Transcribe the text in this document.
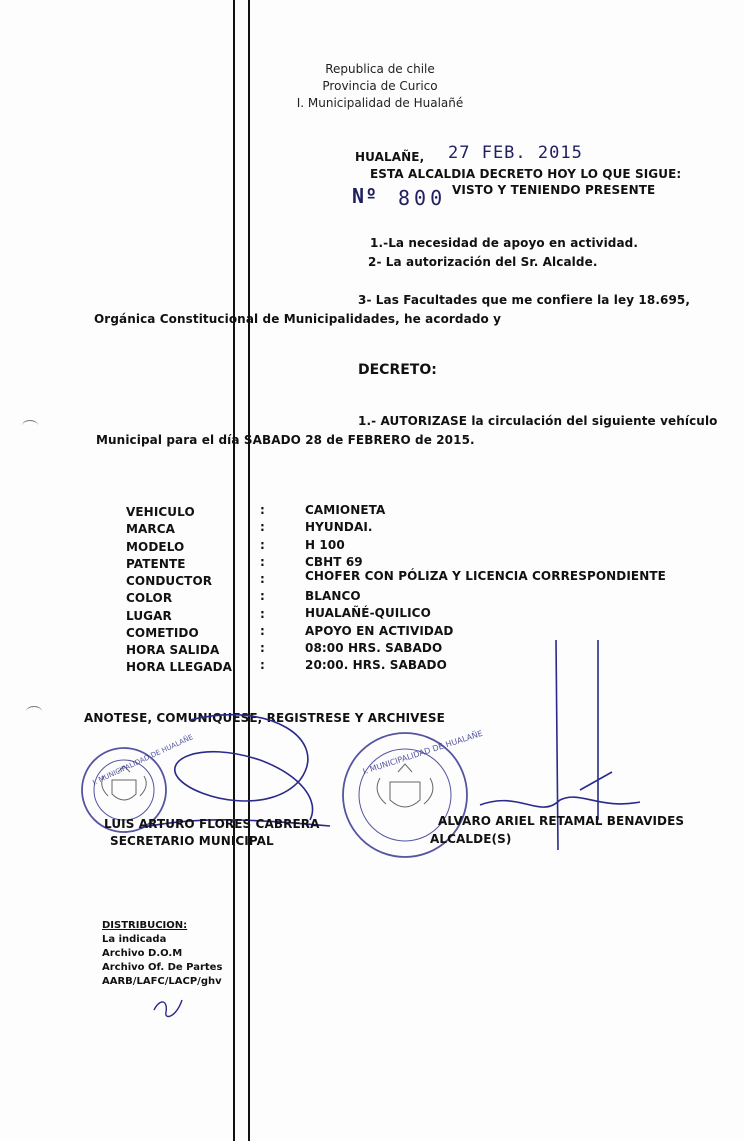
Republica de chile
Provincia de Curico
I. Municipalidad de Hualañé
HUALAÑE, 27 FEB. 2015
ESTA ALCALDIA DECRETO HOY LO QUE SIGUE:
Nº 800 VISTO Y TENIENDO PRESENTE
1.-La necesidad de apoyo en actividad.
2- La autorización del Sr. Alcalde.
3- Las Facultades que me confiere la ley 18.695,
Orgánica Constitucional de Municipalidades, he acordado y
DECRETO:
1.- AUTORIZASE la circulación del siguiente vehículo
Municipal para el día SABADO 28 de FEBRERO de 2015.
VEHICULO	:	CAMIONETA
MARCA	:	HYUNDAI.
MODELO	:	H 100
PATENTE	:	CBHT 69
CONDUCTOR	:	CHOFER CON PÓLIZA Y LICENCIA CORRESPONDIENTE
COLOR	:	BLANCO
LUGAR	:	HUALAÑÉ-QUILICO
COMETIDO	:	APOYO EN ACTIVIDAD
HORA SALIDA	:	08:00 HRS. SABADO
HORA LLEGADA :	20:00. HRS. SABADO
ANOTESE, COMUNIQUESE, REGISTRESE Y ARCHIVESE
I. MUNICIPALIDAD DE HUALAÑE	I. MUNICIPALIDAD DE HUALAÑE
LUIS ARTURO FLORES CABRERA
SECRETARIO MUNICIPAL
ALVARO ARIEL RETAMAL BENAVIDES
ALCALDE(S)
DISTRIBUCION:
La indicada
Archivo D.O.M
Archivo Of. De Partes
AARB/LAFC/LACP/ghv
